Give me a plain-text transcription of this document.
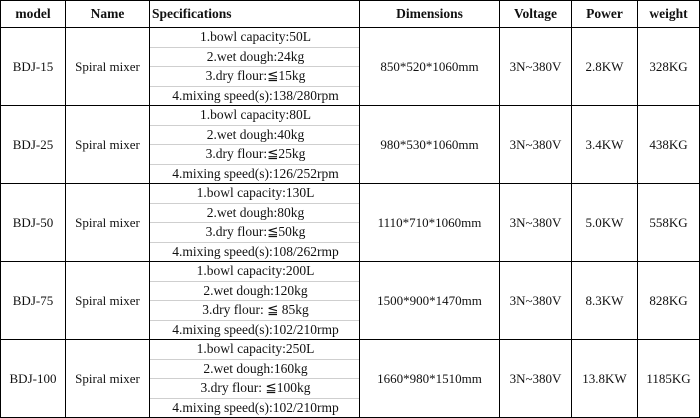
model	Name	Specifications	Dimensions	Voltage	Power	weight
BDJ-15	Spiral mixer	1.bowl capacity:50L
2.wet dough:24kg
3.dry flour:≦15kg
4.mixing speed(s):138/280rpm	850*520*1060mm	3N~380V	2.8KW	328KG
BDJ-25	Spiral mixer	1.bowl capacity:80L
2.wet dough:40kg
3.dry flour:≦25kg
4.mixing speed(s):126/252rpm	980*530*1060mm	3N~380V	3.4KW	438KG
BDJ-50	Spiral mixer	1.bowl capacity:130L
2.wet dough:80kg
3.dry flour:≦50kg
4.mixing speed(s):108/262rmp	1110*710*1060mm	3N~380V	5.0KW	558KG
BDJ-75	Spiral mixer	1.bowl capacity:200L
2.wet dough:120kg
3.dry flour: ≦ 85kg
4.mixing speed(s):102/210rmp	1500*900*1470mm	3N~380V	8.3KW	828KG
BDJ-100	Spiral mixer	1.bowl capacity:250L
2.wet dough:160kg
3.dry flour: ≦100kg
4.mixing speed(s):102/210rmp	1660*980*1510mm	3N~380V	13.8KW	1185KG
